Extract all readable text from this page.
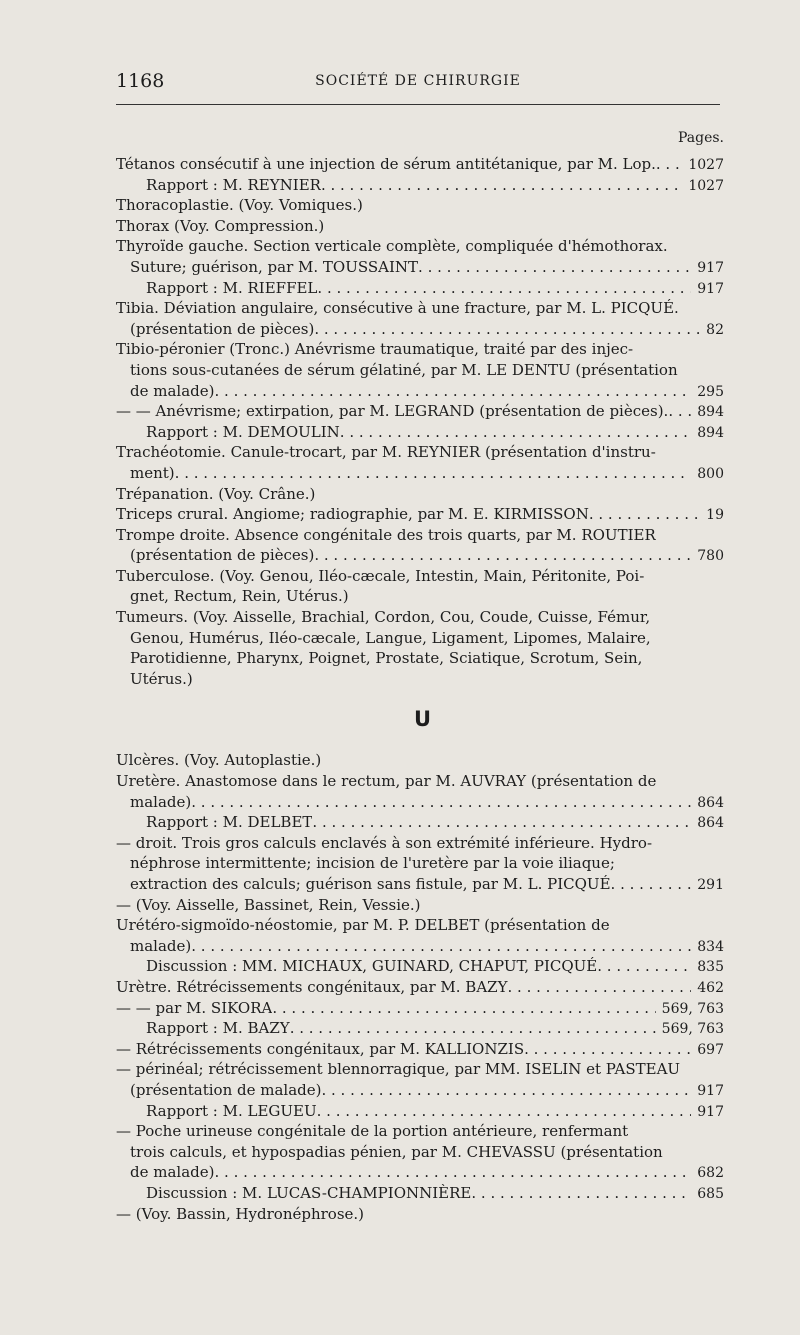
1168	SOCIÉTÉ DE CHIRURGIE
Pages.
Tétanos consécutif à une injection de sérum antitétanique, par M. Lop. . . .	1027
Rapport : M. REYNIER . . .	1027
Thoracoplastie. (Voy. Vomiques.)
Thorax (Voy. Compression.)
Thyroïde gauche. Section verticale complète, compliquée d'hémothorax.
Suture; guérison, par M. TOUSSAINT . . .	917
Rapport : M. RIEFFEL . . .	917
Tibia. Déviation angulaire, consécutive à une fracture, par M. L. PICQUÉ.
(présentation de pièces) . . .	82
Tibio-péronier (Tronc.) Anévrisme traumatique, traité par des injec-
tions sous-cutanées de sérum gélatiné, par M. LE DENTU (présentation
de malade) . . .	295
— — Anévrisme; extirpation, par M. LEGRAND (présentation de pièces). . . .	894
Rapport : M. DEMOULIN . . .	894
Trachéotomie. Canule-trocart, par M. REYNIER (présentation d'instru-
ment) . . .	800
Trépanation. (Voy. Crâne.)
Triceps crural. Angiome; radiographie, par M. E. KIRMISSON . . .	19
Trompe droite. Absence congénitale des trois quarts, par M. ROUTIER
(présentation de pièces) . . .	780
Tuberculose. (Voy. Genou, Iléo-cæcale, Intestin, Main, Péritonite, Poi-
gnet, Rectum, Rein, Utérus.)
Tumeurs. (Voy. Aisselle, Brachial, Cordon, Cou, Coude, Cuisse, Fémur,
Genou, Humérus, Iléo-cæcale, Langue, Ligament, Lipomes, Malaire,
Parotidienne, Pharynx, Poignet, Prostate, Sciatique, Scrotum, Sein,
Utérus.)
U
Ulcères. (Voy. Autoplastie.)
Uretère. Anastomose dans le rectum, par M. AUVRAY (présentation de
malade) . . .	864
Rapport : M. DELBET . . .	864
— droit. Trois gros calculs enclavés à son extrémité inférieure. Hydro-
néphrose intermittente; incision de l'uretère par la voie iliaque;
extraction des calculs; guérison sans fistule, par M. L. PICQUÉ . . .	291
— (Voy. Aisselle, Bassinet, Rein, Vessie.)
Urétéro-sigmoïdo-néostomie, par M. P. DELBET (présentation de
malade) . . .	834
Discussion : MM. MICHAUX, GUINARD, CHAPUT, PICQUÉ . . .	835
Urètre. Rétrécissements congénitaux, par M. BAZY . . .	462
— — par M. SIKORA . . .	569, 763
Rapport : M. BAZY . . .	569, 763
— Rétrécissements congénitaux, par M. KALLIONZIS . . .	697
— périnéal; rétrécissement blennorragique, par MM. ISELIN et PASTEAU
(présentation de malade) . . .	917
Rapport : M. LEGUEU . . .	917
— Poche urineuse congénitale de la portion antérieure, renfermant
trois calculs, et hypospadias pénien, par M. CHEVASSU (présentation
de malade) . . .	682
Discussion : M. LUCAS-CHAMPIONNIÈRE . . .	685
— (Voy. Bassin, Hydronéphrose.)
